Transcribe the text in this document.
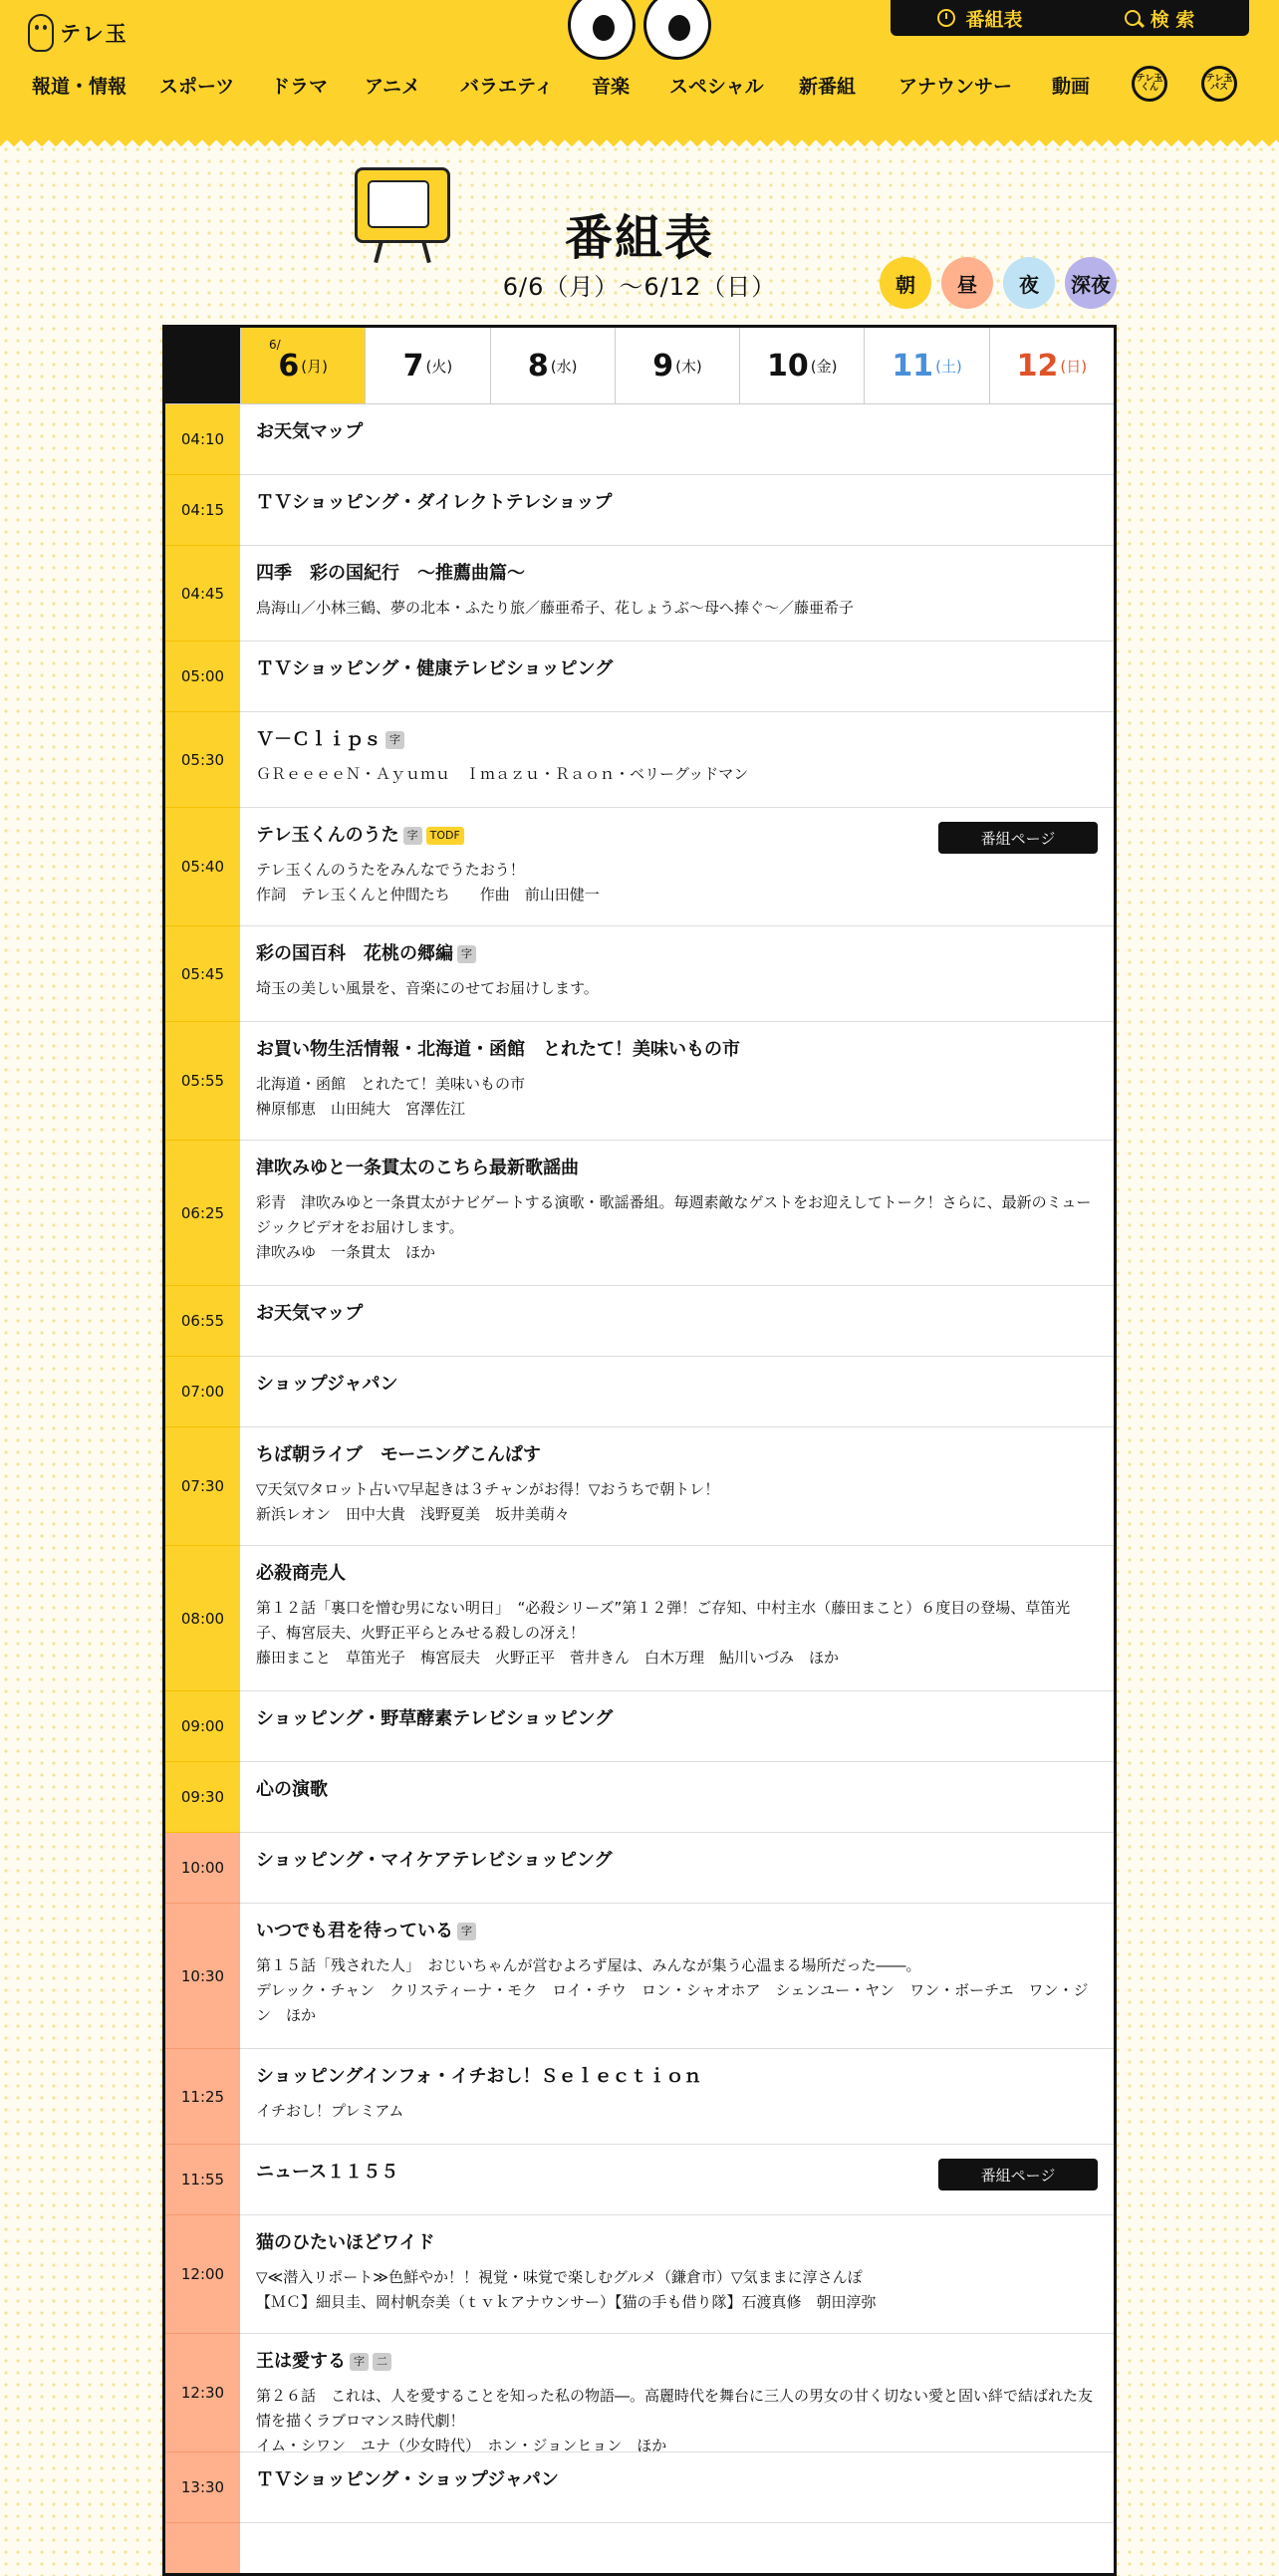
テレ玉
番組表	検 索
報道・情報 スポーツ ドラマ アニメ バラエティ 音楽 スペシャル 新番組 アナウンサー 動画	テレ玉くん
テレ玉パス
番組表
6/6（月）〜6/12（日）	朝	昼	夜	深夜
6/
6 (月)	7 (火)	8 (水)	9 (木) 10 (金) 11 (土) 12 (日)
04:10	お天気マップ
04:15	ＴＶショッピング・ダイレクトテレショップ
04:45
四季　彩の国紀行　～推薦曲篇～
鳥海山／小林三鶴、夢の北本・ふたり旅／藤亜希子、花しょうぶ～母へ捧ぐ～／藤亜希子
05:00	ＴＶショッピング・健康テレビショッピング
05:30
Ｖ－Ｃｌｉｐｓ 字
ＧＲｅｅｅｅＮ・Ａｙｕｍｕ　Ｉｍａｚｕ・Ｒａｏｎ・ベリーグッドマン
05:40
テレ玉くんのうた 字 TODF
テレ玉くんのうたをみんなでうたおう！
作詞　テレ玉くんと仲間たち　　作曲　前山田健一
番組ページ
05:45
彩の国百科　花桃の郷編 字
埼玉の美しい風景を、音楽にのせてお届けします。
05:55
お買い物生活情報・北海道・函館　とれたて！美味いもの市
北海道・函館　とれたて！美味いもの市
榊原郁恵　山田純大　宮澤佐江
06:25
津吹みゆと一条貫太のこちら最新歌謡曲
彩青　津吹みゆと一条貫太がナビゲートする演歌・歌謡番組。毎週素敵なゲストをお迎えしてトーク！さらに、最新のミュージックビデオをお届けします。
津吹みゆ　一条貫太　ほか
06:55	お天気マップ
07:00	ショップジャパン
07:30
ちば朝ライブ　モーニングこんぱす
▽天気▽タロット占い▽早起きは３チャンがお得！▽おうちで朝トレ！
新浜レオン　田中大貴　浅野夏美　坂井美萌々
08:00
必殺商売人
第１２話「裏口を憎む男にない明日」　“必殺シリーズ”第１２弾！ご存知、中村主水（藤田まこと）６度目の登場、草笛光子、梅宮辰夫、火野正平らとみせる殺しの冴え！
藤田まこと　草笛光子　梅宮辰夫　火野正平　菅井きん　白木万理　鮎川いづみ　ほか
09:00	ショッピング・野草酵素テレビショッピング
09:30	心の演歌
10:00	ショッピング・マイケアテレビショッピング
10:30
いつでも君を待っている 字
第１５話「残された人」　おじいちゃんが営むよろず屋は、みんなが集う心温まる場所だった――。
デレック・チャン　クリスティーナ・モク　ロイ・チウ　ロン・シャオホア　シェンユー・ヤン　ワン・ボーチエ　ワン・ジン　ほか
11:25
ショッピングインフォ・イチおし！Ｓｅｌｅｃｔｉｏｎ
イチおし！プレミアム
11:55	ニュース１１５５	番組ページ
12:00
猫のひたいほどワイド
▽≪潜入リポート≫色鮮やか！！視覚・味覚で楽しむグルメ（鎌倉市）▽気ままに淳さんぽ
【ＭＣ】細貝圭、岡村帆奈美（ｔｖｋアナウンサー）【猫の手も借り隊】石渡真修　朝田淳弥
12:30
王は愛する 字 二
第２６話　これは、人を愛することを知った私の物語―。高麗時代を舞台に三人の男女の甘く切ない愛と固い絆で結ばれた友情を描くラブロマンス時代劇！
イム・シワン　ユナ（少女時代）　ホン・ジョンヒョン　ほか
13:30	ＴＶショッピング・ショップジャパン
